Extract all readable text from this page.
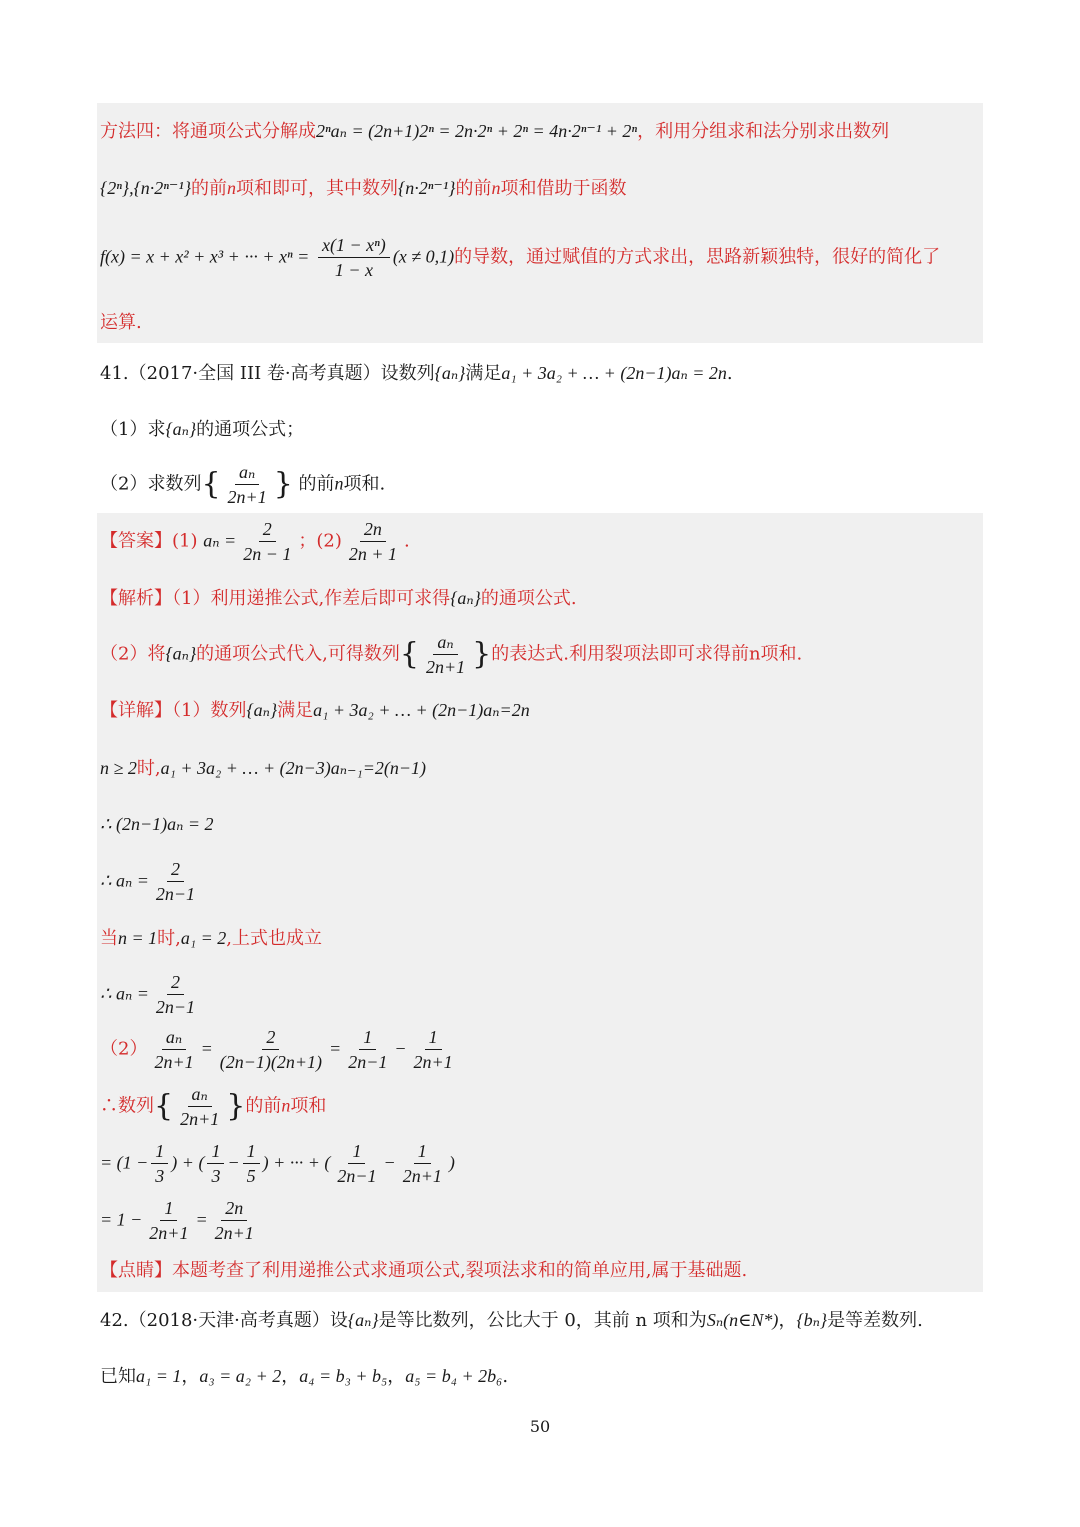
方法四：将通项公式分解成2ⁿaₙ = (2n+1)2ⁿ = 2n·2ⁿ + 2ⁿ = 4n·2ⁿ⁻¹ + 2ⁿ，利用分组求和法分别求出数列
{2ⁿ},{n·2ⁿ⁻¹}的前n项和即可，其中数列{n·2ⁿ⁻¹}的前n项和借助于函数
f(x) = x + x² + x³ + ··· + $x^n = \frac{\text{x(1 − xⁿ)}}{1 - x} (x \ne 0,1)$的导数，通过赋值的方式求出，思路新颖独特，很好的简化了
运算.
41.（2017·全国 III 卷·高考真题）设数列{aₙ}满足a₁ + 3a₂ + … + (2n−1)aₙ = 2n.
（1）求{aₙ}的通项公式；
（2）求数列{ $\frac{\text{aₙ}}{2n+1}$ } 的前n项和.
【答案】(1) $a_n = \frac{2}{2n - 1}$ ；$(2) \frac{2n}{2n + 1}$ .
【解析】（1）利用递推公式,作差后即可求得{aₙ}的通项公式.
（2）将{aₙ}的通项公式代入,可得数列{ $\frac{\text{aₙ}}{2n+1}$ }的表达式.利用裂项法即可求得前n项和.
【详解】（1）数列{aₙ}满足a₁ + 3a₂ + … + (2n−1)aₙ=2n
n ≥ 2时,a₁ + 3a₂ + … + (2n−3)aₙ₋₁=2(n−1)
∴ (2n−1)aₙ = 2
∴ $a_n = \frac{2}{2n-1}$
当n = 1时,a₁ = 2,上式也成立
∴ $a_n = \frac{2}{2n-1}$
$(2) \frac{\text{aₙ}}{2n+1} = \frac{2}{(2n-1)(2n+1)} = \frac{1}{2n-1} - \frac{1}{2n+1}$
∴数列{ $\frac{\text{aₙ}}{2n+1}$ }的前n项和
= ($1 - \frac{1}{3}$ ) + ( $\frac{1}{3} - \frac{1}{5}$ ) + ··· + ( $\frac{1}{2n-1} - \frac{1}{2n+1}$ )
= $1 - \frac{1}{2n+1} = \frac{2n}{2n+1}$
【点睛】本题考查了利用递推公式求通项公式,裂项法求和的简单应用,属于基础题.
42.（2018·天津·高考真题）设{aₙ}是等比数列，公比大于 0，其前 n 项和为Sₙ(n∈N*)，{bₙ}是等差数列.
已知a₁ = 1，a₃ = a₂ + 2，a₄ = b₃ + b₅，a₅ = b₄ + 2b₆.
50
